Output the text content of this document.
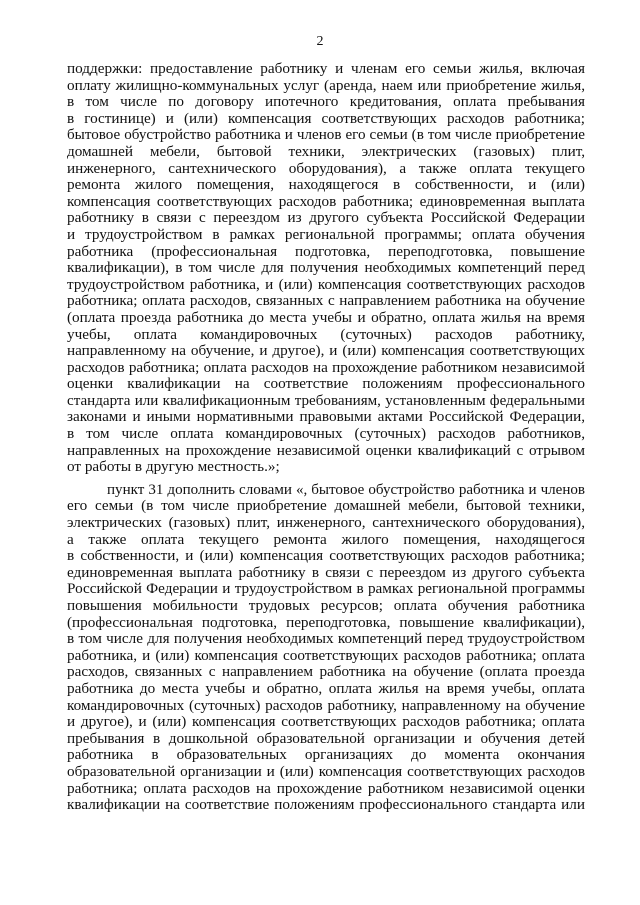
2
поддержки: предоставление работнику и членам его семьи жилья, включая
оплату жилищно-коммунальных услуг (аренда, наем или приобретение жилья,
в том числе по договору ипотечного кредитования, оплата пребывания
в гостинице) и (или) компенсация соответствующих расходов работника;
бытовое обустройство работника и членов его семьи (в том числе приобретение
домашней мебели, бытовой техники, электрических (газовых) плит,
инженерного, сантехнического оборудования), а также оплата текущего
ремонта жилого помещения, находящегося в собственности, и (или)
компенсация соответствующих расходов работника; единовременная выплата
работнику в связи с переездом из другого субъекта Российской Федерации
и трудоустройством в рамках региональной программы; оплата обучения
работника (профессиональная подготовка, переподготовка, повышение
квалификации), в том числе для получения необходимых компетенций перед
трудоустройством работника, и (или) компенсация соответствующих расходов
работника; оплата расходов, связанных с направлением работника на обучение
(оплата проезда работника до места учебы и обратно, оплата жилья на время
учебы, оплата командировочных (суточных) расходов работнику,
направленному на обучение, и другое), и (или) компенсация соответствующих
расходов работника; оплата расходов на прохождение работником независимой
оценки квалификации на соответствие положениям профессионального
стандарта или квалификационным требованиям, установленным федеральными
законами и иными нормативными правовыми актами Российской Федерации,
в том числе оплата командировочных (суточных) расходов работников,
направленных на прохождение независимой оценки квалификаций с отрывом
от работы в другую местность.»;
пункт 31 дополнить словами «, бытовое обустройство работника и членов
его семьи (в том числе приобретение домашней мебели, бытовой техники,
электрических (газовых) плит, инженерного, сантехнического оборудования),
а также оплата текущего ремонта жилого помещения, находящегося
в собственности, и (или) компенсация соответствующих расходов работника;
единовременная выплата работнику в связи с переездом из другого субъекта
Российской Федерации и трудоустройством в рамках региональной программы
повышения мобильности трудовых ресурсов; оплата обучения работника
(профессиональная подготовка, переподготовка, повышение квалификации),
в том числе для получения необходимых компетенций перед трудоустройством
работника, и (или) компенсация соответствующих расходов работника; оплата
расходов, связанных с направлением работника на обучение (оплата проезда
работника до места учебы и обратно, оплата жилья на время учебы, оплата
командировочных (суточных) расходов работнику, направленному на обучение
и другое), и (или) компенсация соответствующих расходов работника; оплата
пребывания в дошкольной образовательной организации и обучения детей
работника в образовательных организациях до момента окончания
образовательной организации и (или) компенсация соответствующих расходов
работника; оплата расходов на прохождение работником независимой оценки
квалификации на соответствие положениям профессионального стандарта или
